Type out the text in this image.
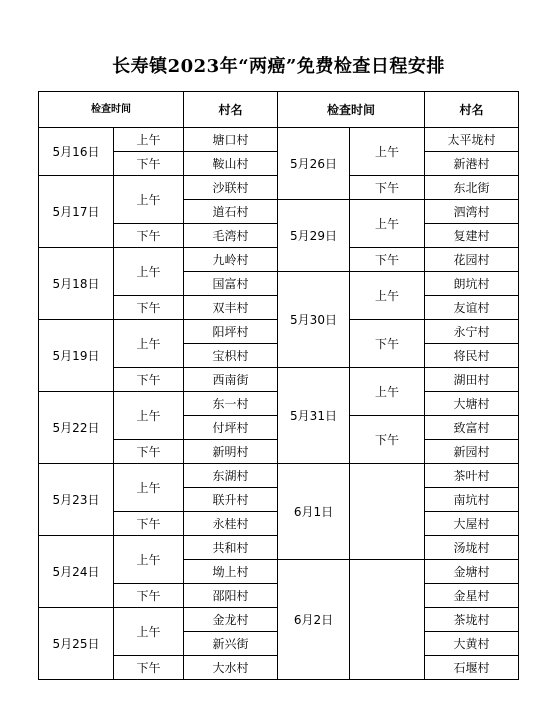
长寿镇2023年“两癌”免费检查日程安排
检查时间		村名	检查时间		村名
5月16日	上午	塘口村	5月26日	上午	太平垅村
	下午	鞍山村			新港村
5月17日	上午	沙联村		下午	东北街
		道石村	5月29日	上午	泗湾村
	下午	毛湾村			复建村
5月18日	上午	九岭村		下午	花园村
		国富村	5月30日	上午	朗坑村
	下午	双丰村			友谊村
5月19日	上午	阳坪村		下午	永宁村
		宝枳村			将民村
	下午	西南街	5月31日	上午	湖田村
5月22日	上午	东一村			大塘村
		付坪村		下午	致富村
	下午	新明村			新园村
5月23日	上午	东湖村	6月1日		茶叶村
		联升村			南坑村
	下午	永桂村			大屋村
5月24日	上午	共和村			汤垅村
		坳上村	6月2日		金塘村
	下午	邵阳村			金星村
5月25日	上午	金龙村			茶垅村
		新兴街			大黄村
	下午	大水村			石堰村
